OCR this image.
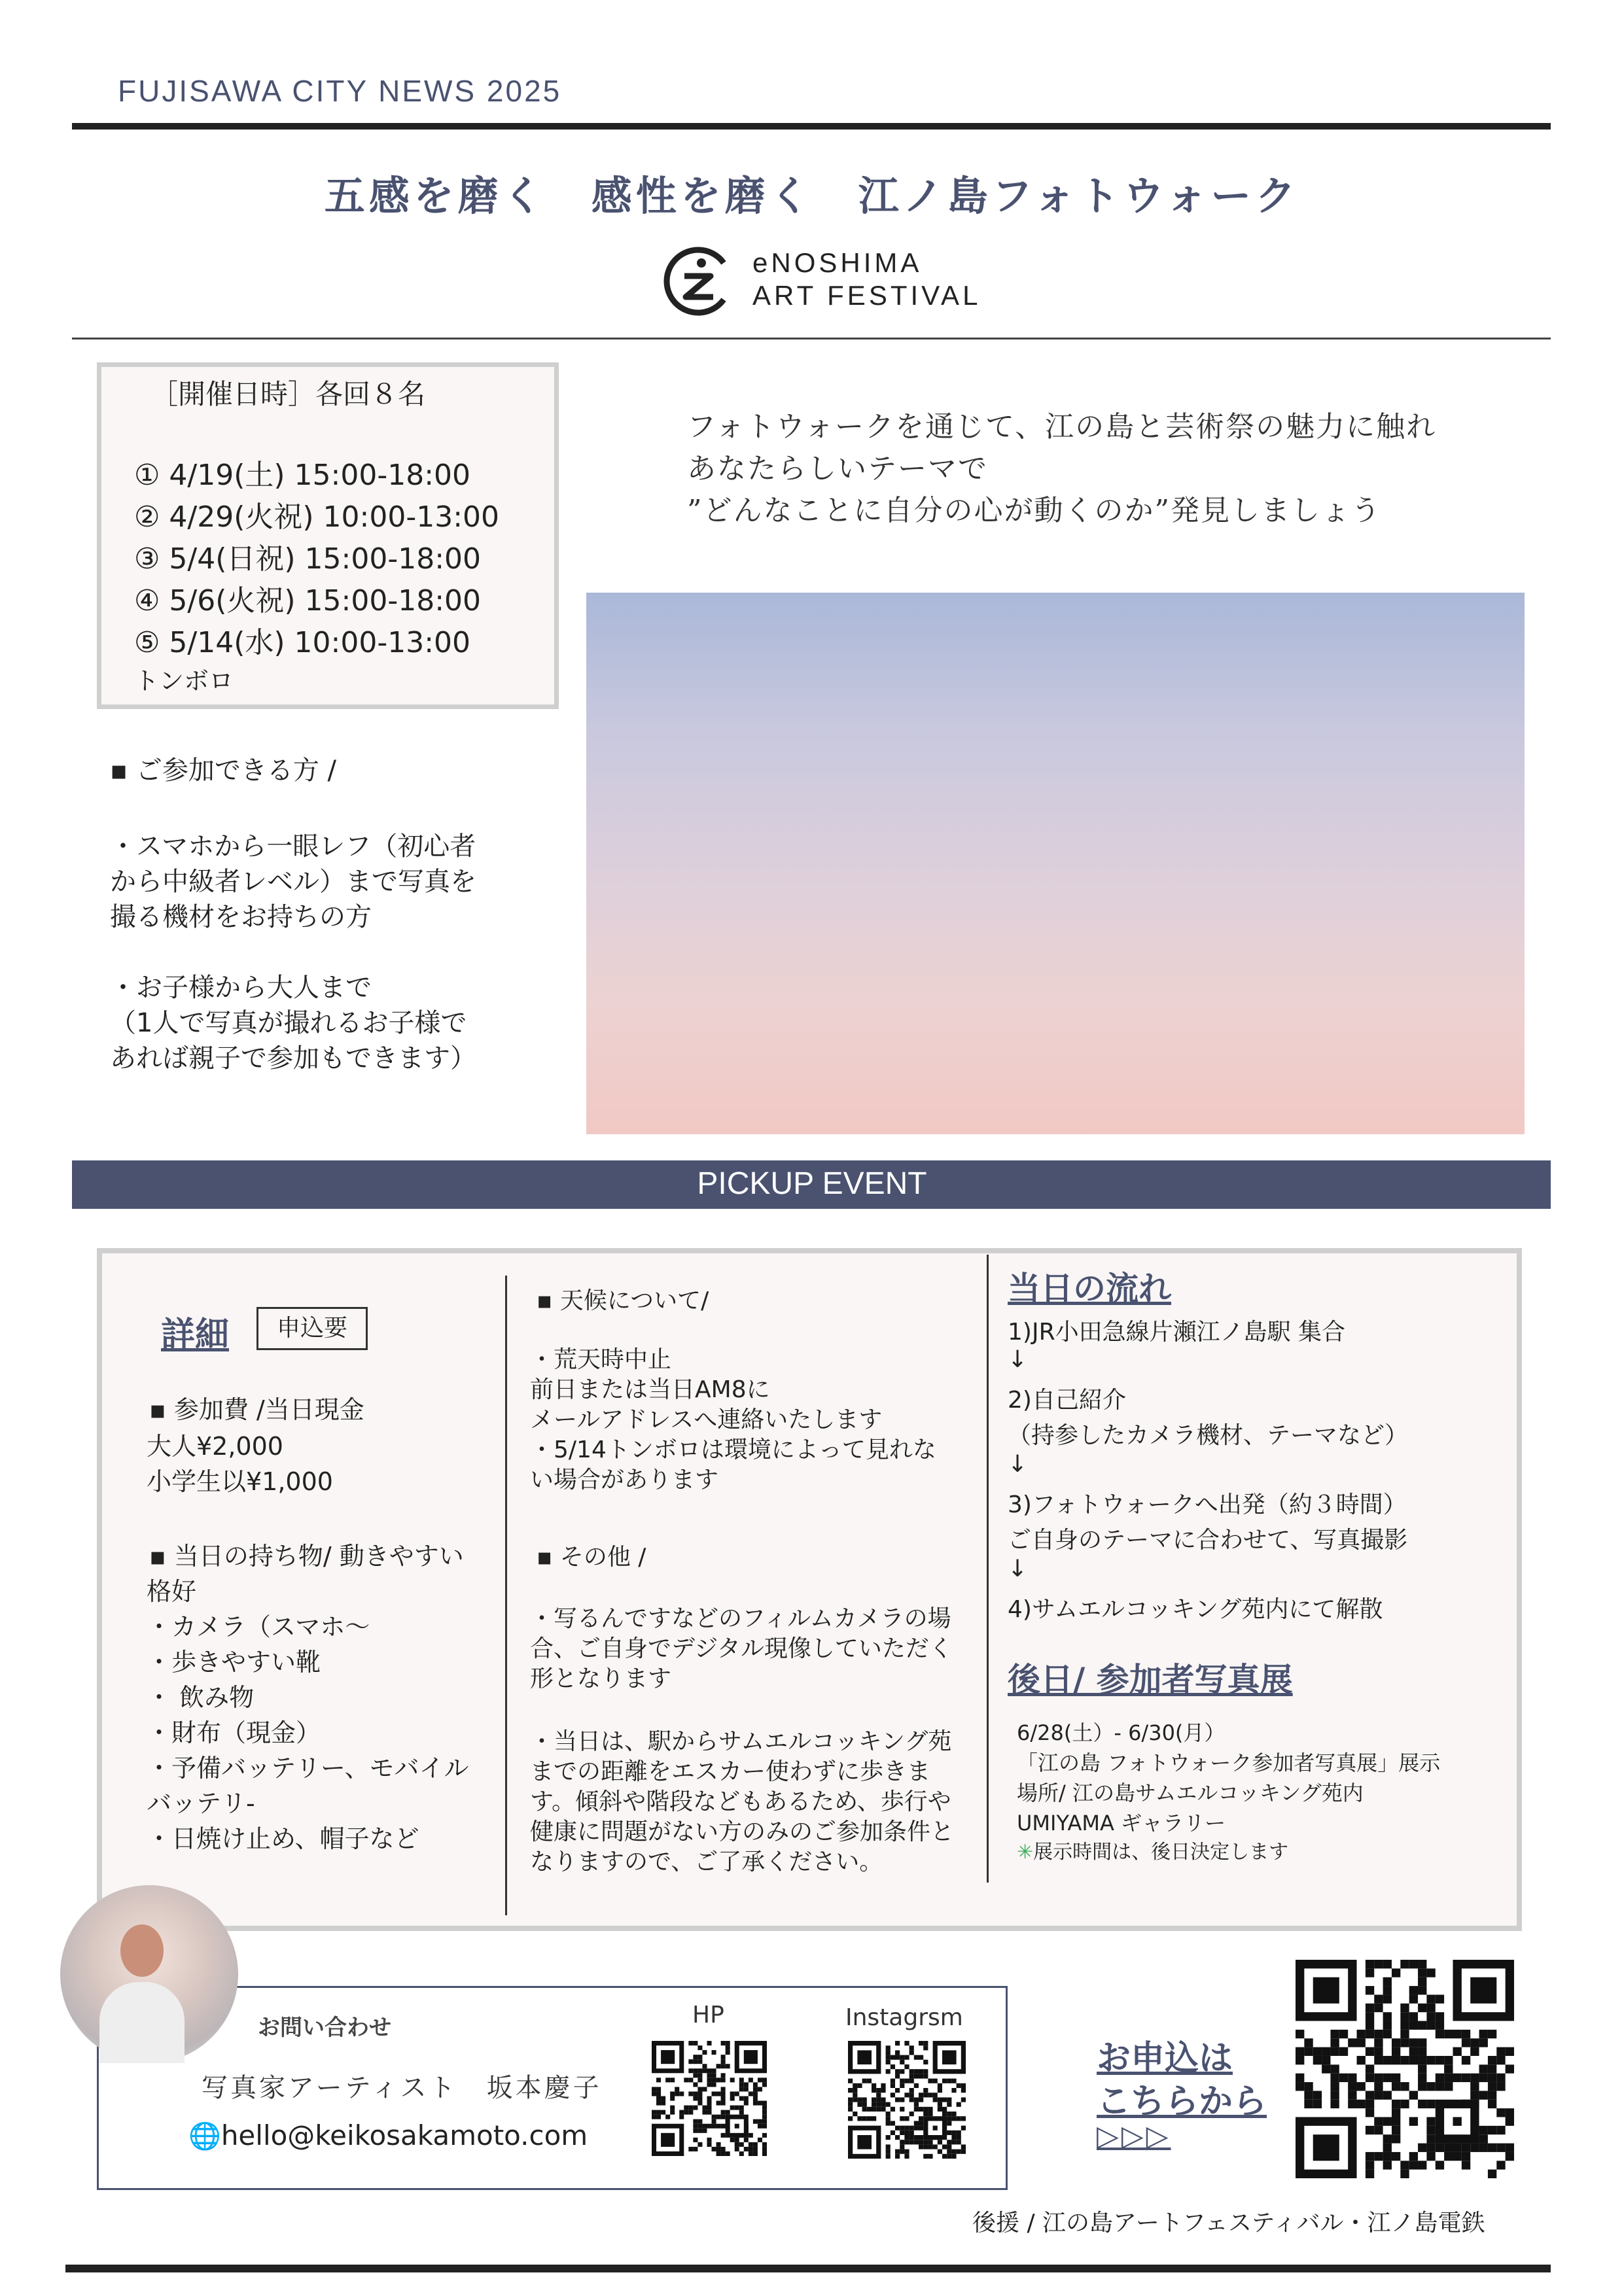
FUJISAWA CITY NEWS 2025
五感を磨く　感性を磨く　江ノ島フォトウォーク
eNOSHIMA
ART FESTIVAL
［開催日時］各回８名
① 4/19(土) 15:00-18:00
② 4/29(火祝) 10:00-13:00
③ 5/4(日祝) 15:00-18:00
④ 5/6(火祝) 15:00-18:00
⑤ 5/14(水) 10:00-13:00
トンボロ
フォトウォークを通じて、江の島と芸術祭の魅力に触れ
あなたらしいテーマで
”どんなことに自分の心が動くのか”発見しましょう
▪ ご参加できる方 /
・スマホから一眼レフ（初心者
から中級者レベル）まで写真を
撮る機材をお持ちの方
・お子様から大人まで
（1人で写真が撮れるお子様で
あれば親子で参加もできます）
PICKUP EVENT
詳細	申込要
▪ 参加費 /当日現金
大人¥2,000
小学生以¥1,000
▪ 当日の持ち物/ 動きやすい
格好
・カメラ（スマホ〜
・歩きやすい靴
・ 飲み物
・財布（現金）
・予備バッテリー、モバイル
バッテリ-
・日焼け止め、帽子など
▪ 天候について/
・荒天時中止
前日または当日AM8に
メールアドレスへ連絡いたします
・5/14トンボロは環境によって見れな
い場合があります
▪ その他 /
・写るんですなどのフィルムカメラの場
合、ご自身でデジタル現像していただく
形となります
・当日は、駅からサムエルコッキング苑
までの距離をエスカー使わずに歩きま
す。傾斜や階段などもあるため、歩行や
健康に問題がない方のみのご参加条件と
なりますので、ご了承ください。
当日の流れ
1)JR小田急線片瀬江ノ島駅 集合
↓
2)自己紹介
（持参したカメラ機材、テーマなど）
↓
3)フォトウォークへ出発（約３時間）
ご自身のテーマに合わせて、写真撮影
↓
4)サムエルコッキング苑内にて解散
後日/ 参加者写真展
6/28(土）- 6/30(月）
「江の島 フォトウォーク参加者写真展」展示
場所/ 江の島サムエルコッキング苑内
UMIYAMA ギャラリー
✳展示時間は、後日決定します
お問い合わせ
写真家アーティスト　坂本慶子
🌐hello@keikosakamoto.com
HP	Instagrsm
お申込は
こちらから
▷▷▷
後援 / 江の島アートフェスティバル・江ノ島電鉄
